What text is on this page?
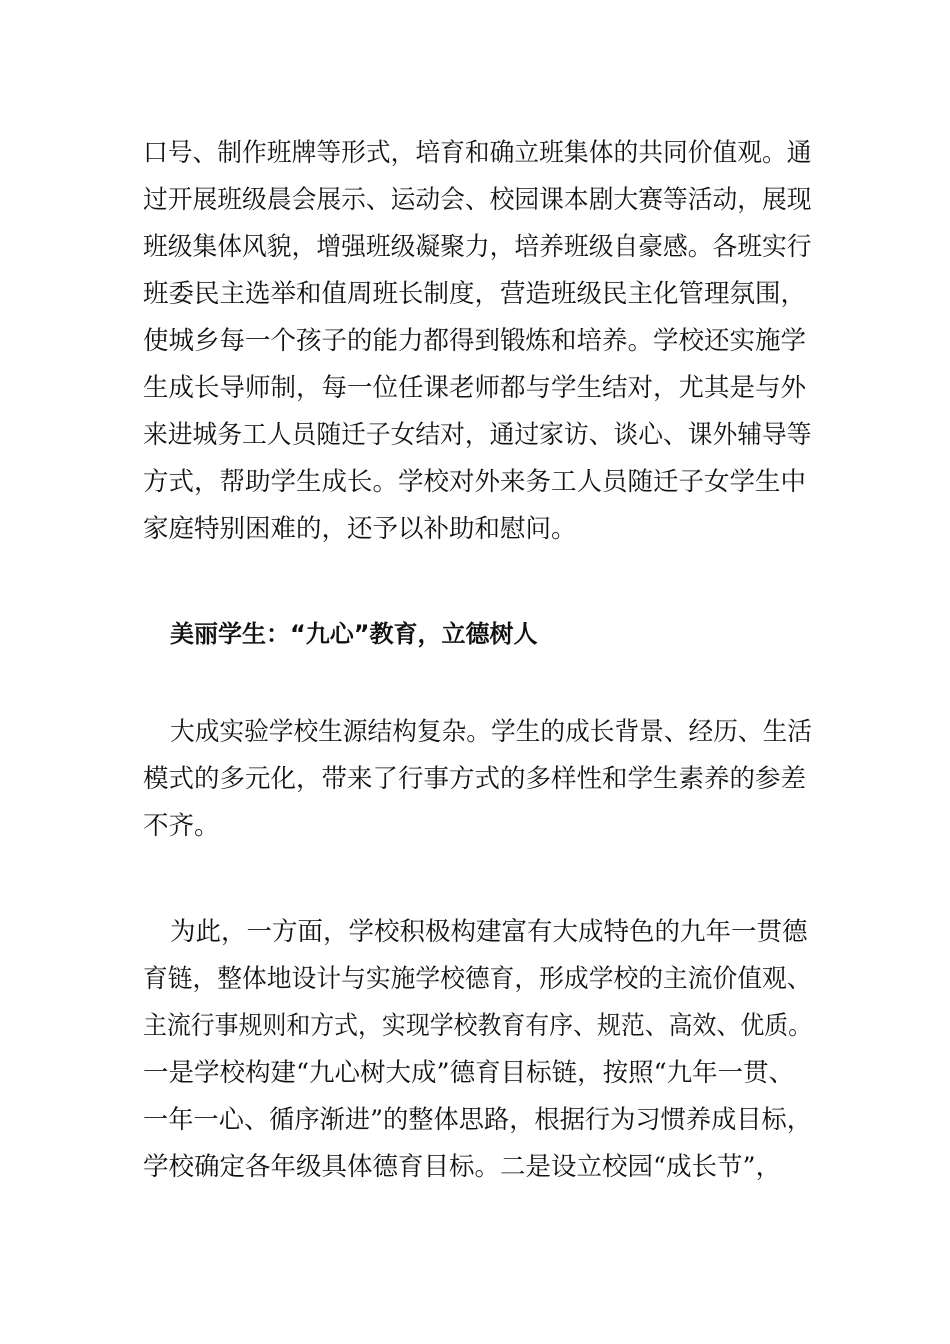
口号、制作班牌等形式，培育和确立班集体的共同价值观。通
过开展班级晨会展示、运动会、校园课本剧大赛等活动，展现
班级集体风貌，增强班级凝聚力，培养班级自豪感。各班实行
班委民主选举和值周班长制度，营造班级民主化管理氛围，
使城乡每一个孩子的能力都得到锻炼和培养。学校还实施学
生成长导师制，每一位任课老师都与学生结对，尤其是与外
来进城务工人员随迁子女结对，通过家访、谈心、课外辅导等
方式，帮助学生成长。学校对外来务工人员随迁子女学生中
家庭特别困难的，还予以补助和慰问。
美丽学生：“九心”教育，立德树人
大成实验学校生源结构复杂。学生的成长背景、经历、生活
模式的多元化，带来了行事方式的多样性和学生素养的参差
不齐。
为此，一方面，学校积极构建富有大成特色的九年一贯德
育链，整体地设计与实施学校德育，形成学校的主流价值观、
主流行事规则和方式，实现学校教育有序、规范、高效、优质。
一是学校构建“九心树大成”德育目标链，按照“九年一贯、
一年一心、循序渐进”的整体思路，根据行为习惯养成目标，
学校确定各年级具体德育目标。二是设立校园“成长节”，
